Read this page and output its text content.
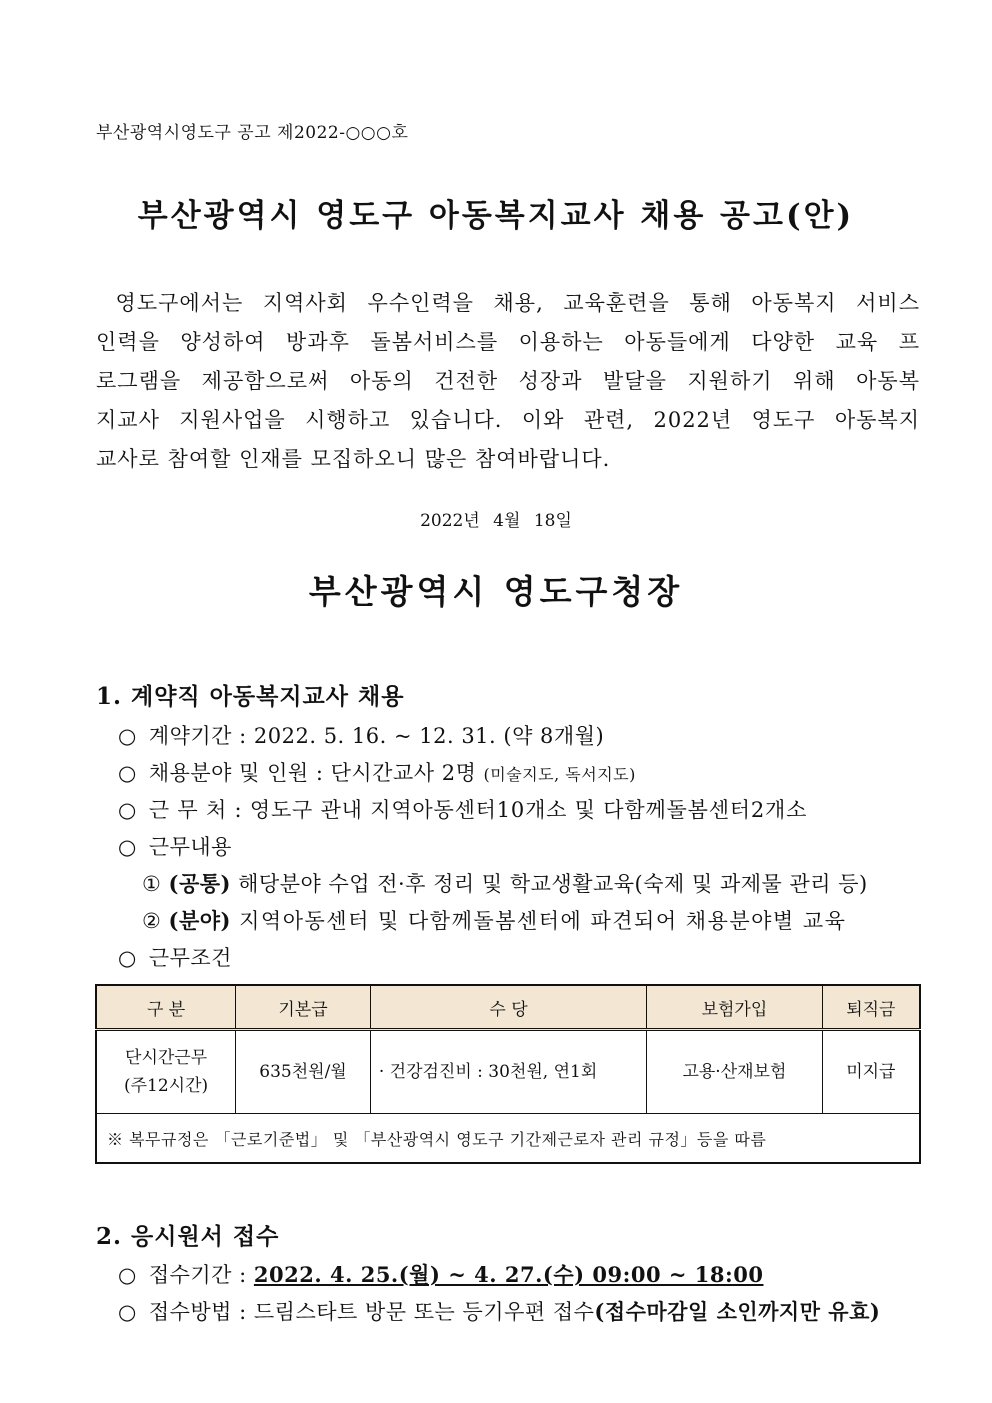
부산광역시영도구 공고 제2022-○○○호
부산광역시 영도구 아동복지교사 채용 공고(안)

영도구에서는 지역사회 우수인력을 채용, 교육훈련을 통해 아동복지 서비스
인력을 양성하여 방과후 돌봄서비스를 이용하는 아동들에게 다양한 교육 프
로그램을 제공함으로써 아동의 건전한 성장과 발달을 지원하기 위해 아동복
지교사 지원사업을 시행하고 있습니다. 이와 관련, 2022년 영도구 아동복지
교사로 참여할 인재를 모집하오니 많은 참여바랍니다.

2022년 4월 18일
부산광역시 영도구청장
1. 계약직 아동복지교사 채용
○ 계약기간 : 2022. 5. 16. ~ 12. 31. (약 8개월)
○ 채용분야 및 인원 : 단시간교사 2명 (미술지도, 독서지도)
○ 근 무 처 : 영도구 관내 지역아동센터10개소 및 다함께돌봄센터2개소
○ 근무내용
① (공통) 해당분야 수업 전·후 정리 및 학교생활교육(숙제 및 과제물 관리 등)
② (분야) 지역아동센터 및 다함께돌봄센터에 파견되어 채용분야별 교육
○ 근무조건
구 분	기본급	수 당	보험가입	퇴직금

단시간근무
(주12시간)	635천원/월	· 건강검진비 : 30천원, 연1회	고용·산재보험	미지급
※ 복무규정은 「근로기준법」 및 「부산광역시 영도구 기간제근로자 관리 규정」등을 따름				
2. 응시원서 접수
○ 접수기간 : 2022. 4. 25.(월) ~ 4. 27.(수) 09:00 ~ 18:00
○ 접수방법 : 드림스타트 방문 또는 등기우편 접수(접수마감일 소인까지만 유효)
